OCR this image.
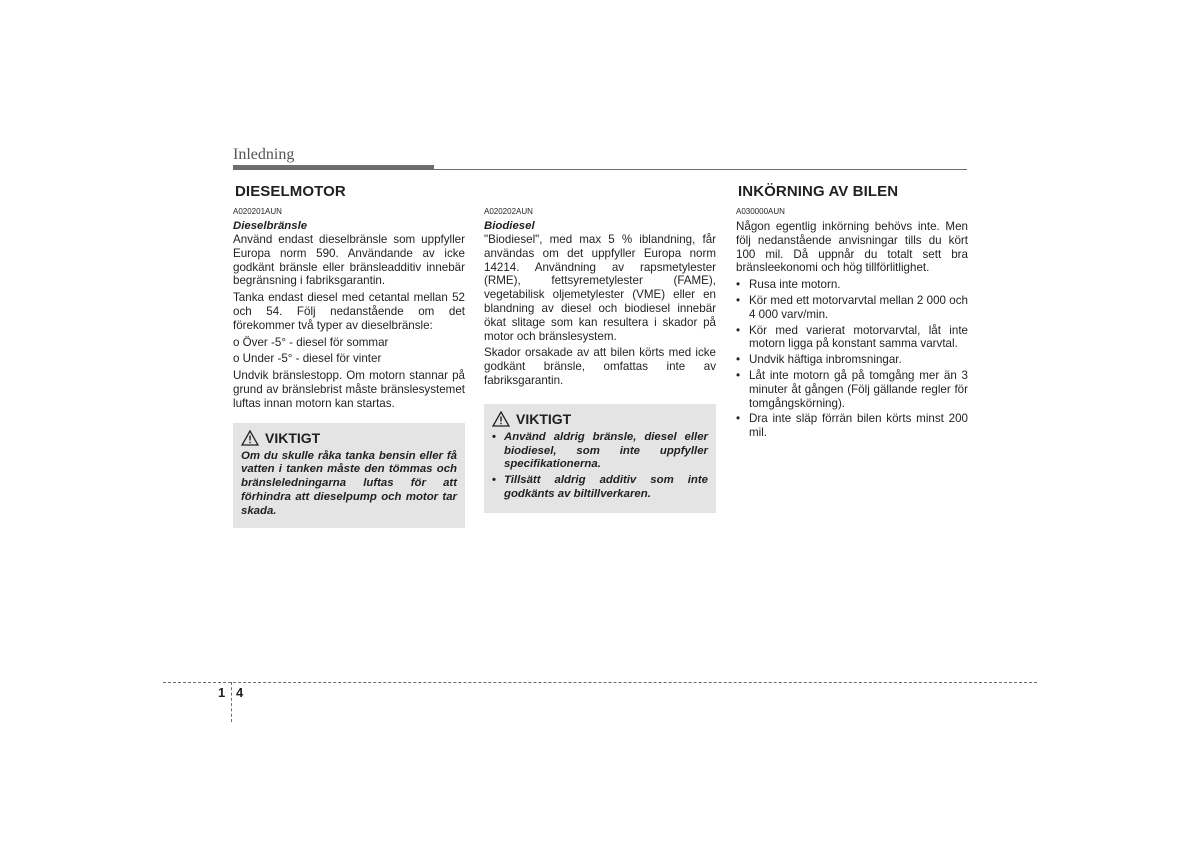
Inledning
DIESELMOTOR
A020201AUN
Dieselbränsle
Använd endast dieselbränsle som uppfyller Europa norm 590. Användande av icke godkänt bränsle eller bränsleadditiv innebär begränsning i fabriksgarantin.
Tanka endast diesel med cetantal mellan 52 och 54. Följ nedanstående om det förekommer två typer av dieselbränsle:
o Över -5° - diesel för sommar
o Under -5° - diesel för vinter
Undvik bränslestopp. Om motorn stannar på grund av bränslebrist måste bränslesystemet luftas innan motorn kan startas.
VIKTIGT
Om du skulle råka tanka bensin eller få vatten i tanken måste den tömmas och bränsleledningarna luftas för att förhindra att dieselpump och motor tar skada.
A020202AUN
Biodiesel
"Biodiesel", med max 5 % iblandning, får användas om det uppfyller Europa norm 14214. Användning av rapsmetylester (RME), fettsyremetylester (FAME), vegetabilisk oljemetylester (VME) eller en blandning av diesel och biodiesel innebär ökat slitage som kan resultera i skador på motor och bränslesystem.
Skador orsakade av att bilen körts med icke godkänt bränsle, omfattas inte av fabriksgarantin.
VIKTIGT
• Använd aldrig bränsle, diesel eller biodiesel, som inte uppfyller specifikationerna.
• Tillsätt aldrig additiv som inte godkänts av biltillverkaren.
INKÖRNING AV BILEN
A030000AUN
Någon egentlig inkörning behövs inte. Men följ nedanstående anvisningar tills du kört 100 mil. Då uppnår du totalt sett bra bränsleekonomi och hög tillförlitlighet.
• Rusa inte motorn.
• Kör med ett motorvarvtal mellan 2 000 och 4 000 varv/min.
• Kör med varierat motorvarvtal, låt inte motorn ligga på konstant samma varvtal.
• Undvik häftiga inbromsningar.
• Låt inte motorn gå på tomgång mer än 3 minuter åt gången (Följ gällande regler för tomgångskörning).
• Dra inte släp förrän bilen körts minst 200 mil.
1 4
